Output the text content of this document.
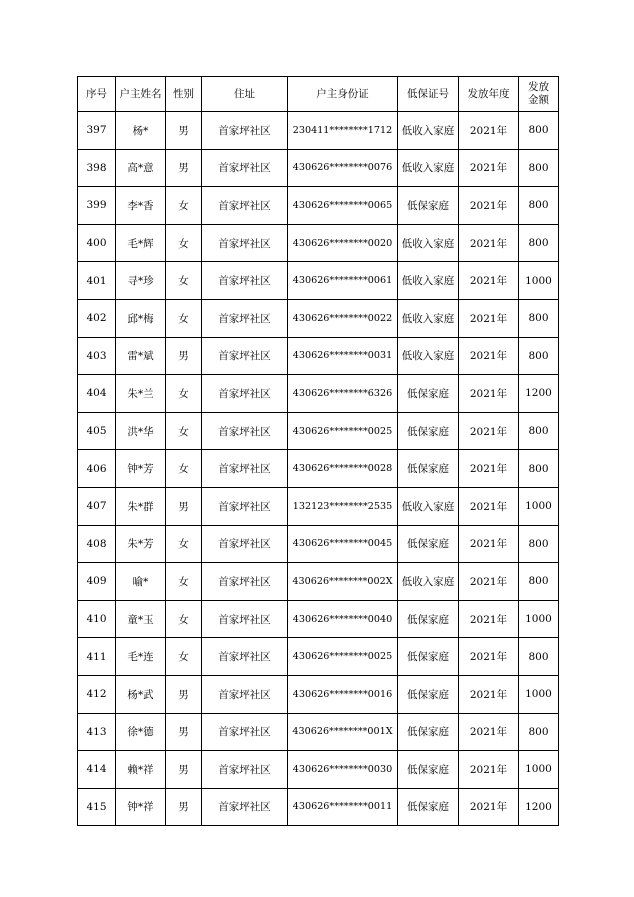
序号	户主姓名	性别	住址	户主身份证	低保证号	发放年度	发放
金额

397	杨*	男	首家坪社区	230411********1712	低收入家庭	2021年	800
398	高*意	男	首家坪社区	430626********0076	低收入家庭	2021年	800
399	李*香	女	首家坪社区	430626********0065	低保家庭	2021年	800
400	毛*辉	女	首家坪社区	430626********0020	低收入家庭	2021年	800
401	寻*珍	女	首家坪社区	430626********0061	低收入家庭	2021年	1000
402	邱*梅	女	首家坪社区	430626********0022	低收入家庭	2021年	800
403	雷*斌	男	首家坪社区	430626********0031	低收入家庭	2021年	800
404	朱*兰	女	首家坪社区	430626********6326	低保家庭	2021年	1200
405	洪*华	女	首家坪社区	430626********0025	低保家庭	2021年	800
406	钟*芳	女	首家坪社区	430626********0028	低保家庭	2021年	800
407	朱*群	男	首家坪社区	132123********2535	低收入家庭	2021年	1000
408	朱*芳	女	首家坪社区	430626********0045	低保家庭	2021年	800
409	喻*	女	首家坪社区	430626********002X	低收入家庭	2021年	800
410	童*玉	女	首家坪社区	430626********0040	低保家庭	2021年	1000
411	毛*连	女	首家坪社区	430626********0025	低保家庭	2021年	800
412	杨*武	男	首家坪社区	430626********0016	低保家庭	2021年	1000
413	徐*德	男	首家坪社区	430626********001X	低保家庭	2021年	800
414	赖*祥	男	首家坪社区	430626********0030	低保家庭	2021年	1000
415	钟*祥	男	首家坪社区	430626********0011	低保家庭	2021年	1200
